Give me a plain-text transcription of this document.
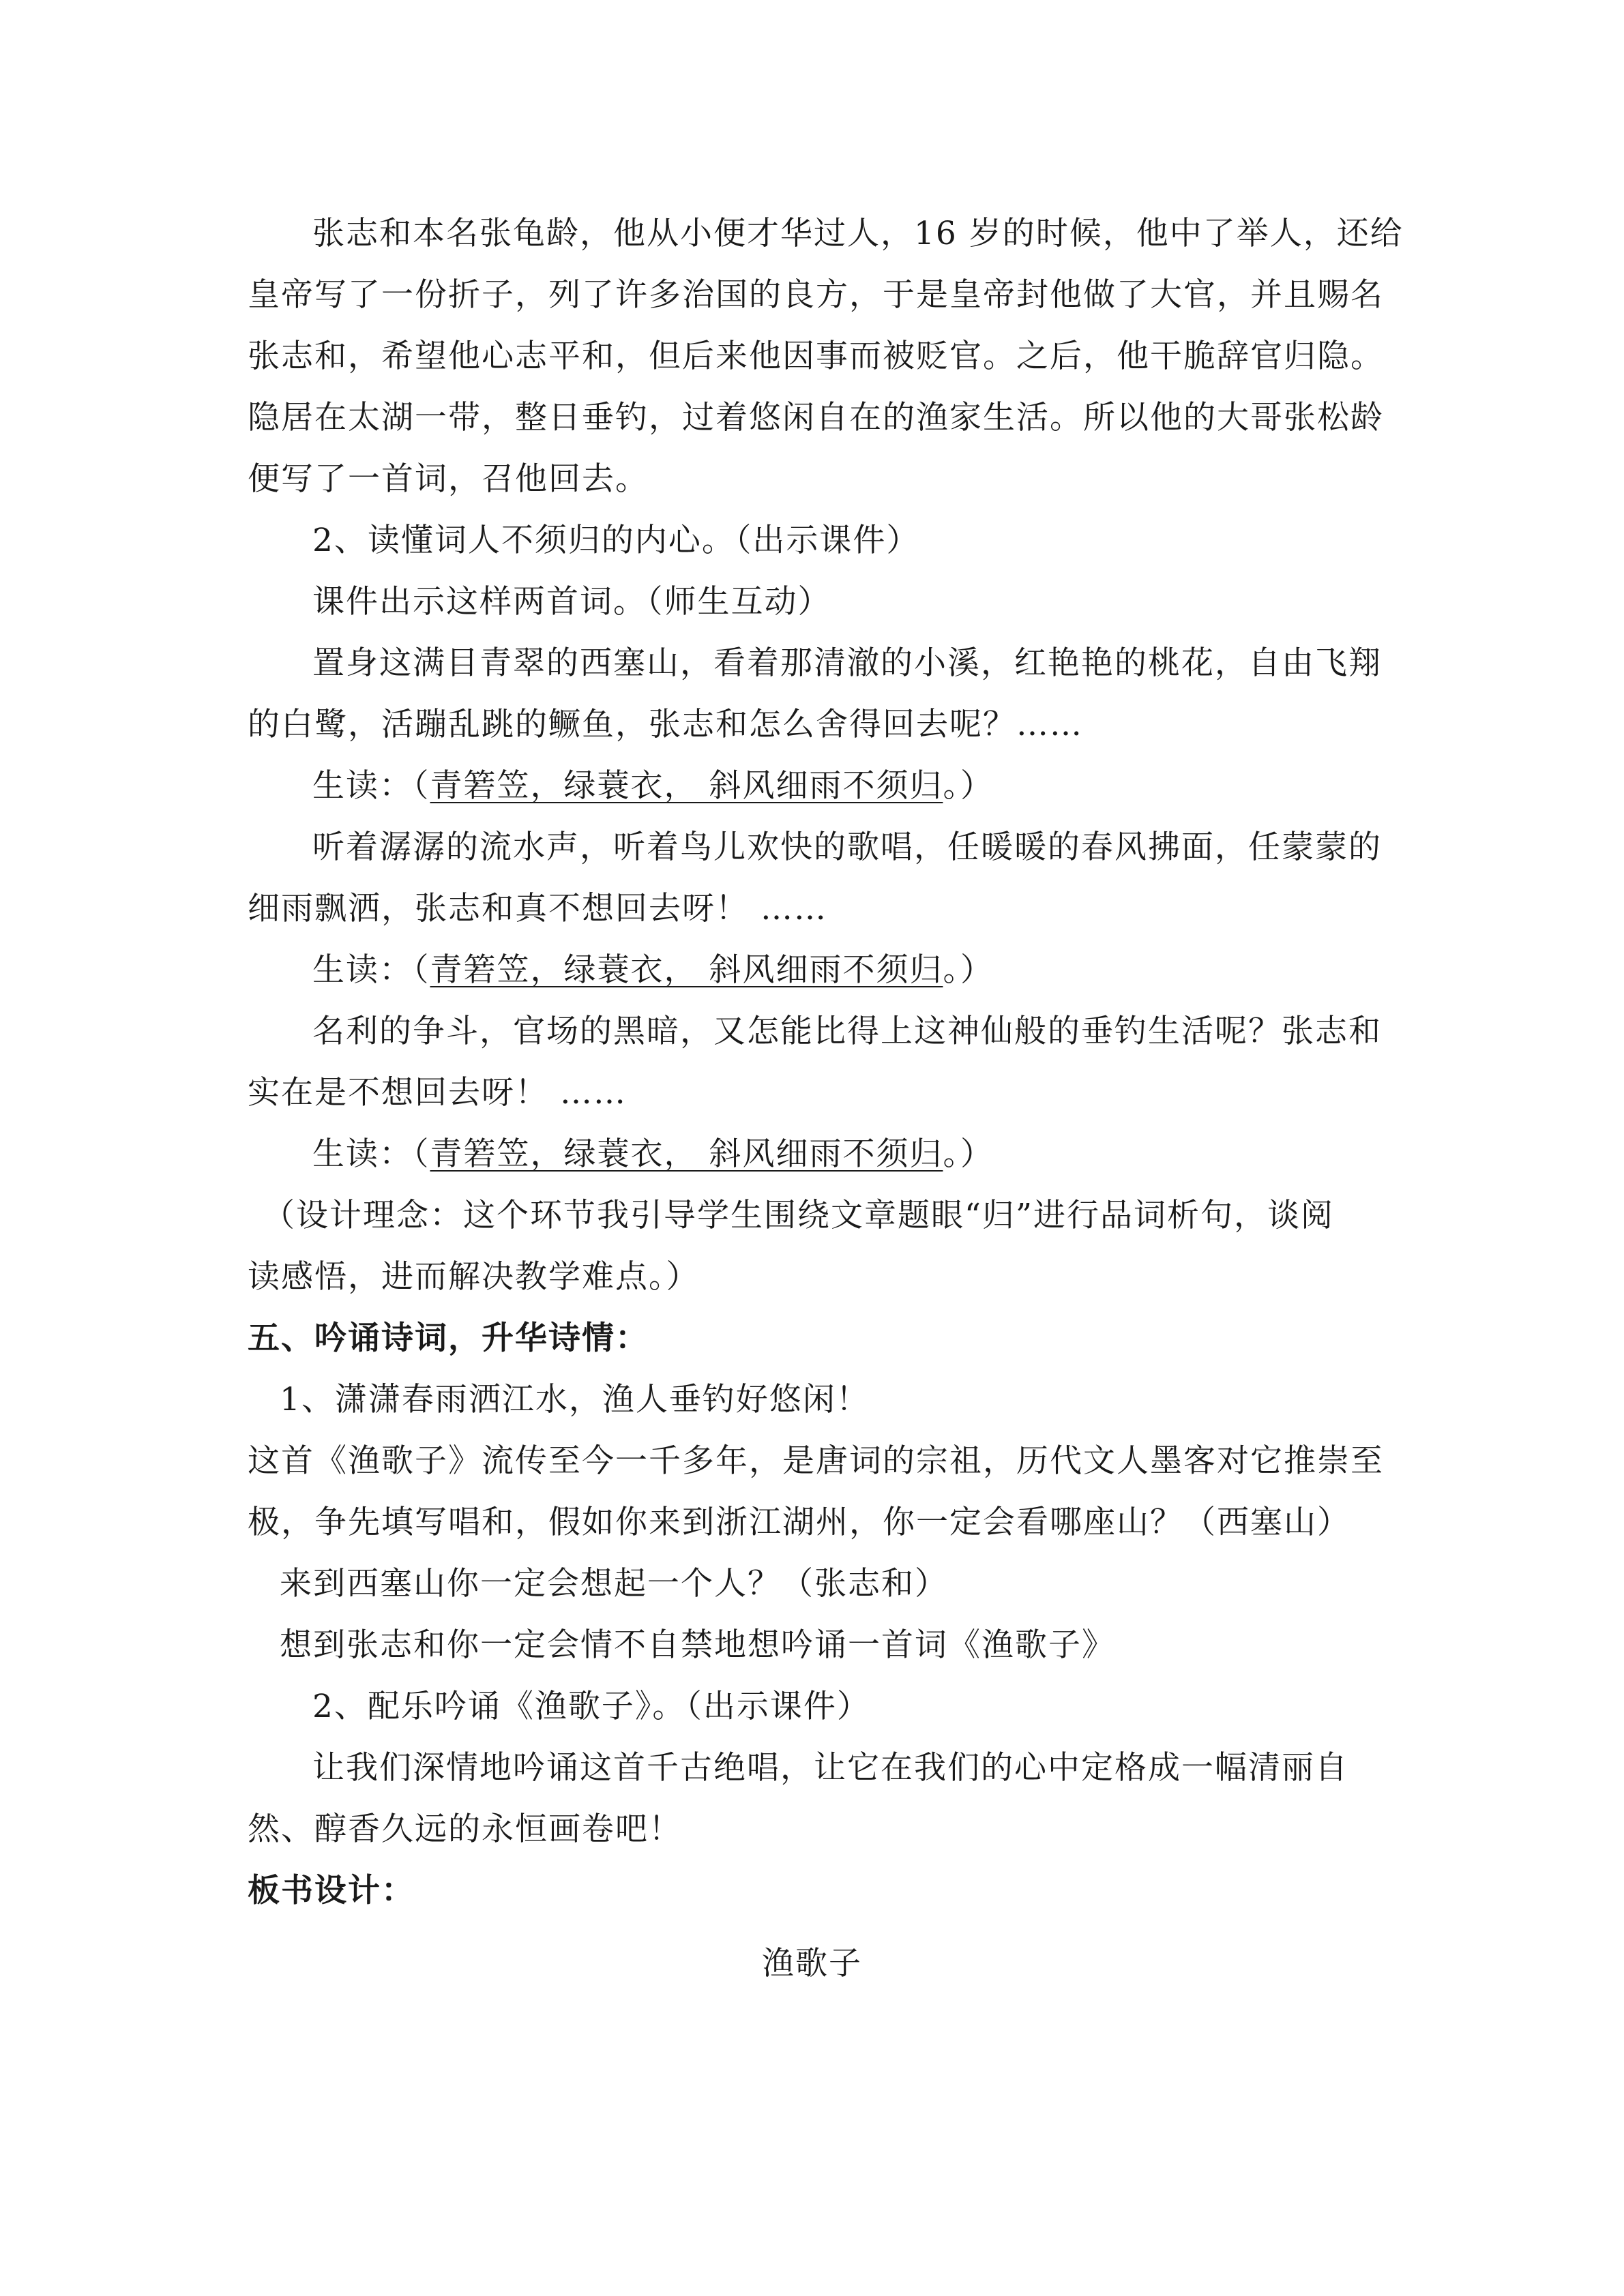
张志和本名张龟龄，他从小便才华过人，16 岁的时候，他中了举人，还给
皇帝写了一份折子，列了许多治国的良方，于是皇帝封他做了大官，并且赐名
张志和，希望他心志平和，但后来他因事而被贬官。之后，他干脆辞官归隐。
隐居在太湖一带，整日垂钓，过着悠闲自在的渔家生活。所以他的大哥张松龄
便写了一首词，召他回去。
2、读懂词人不须归的内心。（出示课件）
课件出示这样两首词。（师生互动）
置身这满目青翠的西塞山，看着那清澈的小溪，红艳艳的桃花，自由飞翔
的白鹭，活蹦乱跳的鳜鱼，张志和怎么舍得回去呢？……
生读：（青箬笠，绿蓑衣， 斜风细雨不须归。）
听着潺潺的流水声，听着鸟儿欢快的歌唱，任暖暖的春风拂面，任蒙蒙的
细雨飘洒，张志和真不想回去呀！ ……
生读：（青箬笠，绿蓑衣， 斜风细雨不须归。）
名利的争斗，官场的黑暗，又怎能比得上这神仙般的垂钓生活呢？张志和
实在是不想回去呀！ ……
生读：（青箬笠，绿蓑衣， 斜风细雨不须归。）
（设计理念：这个环节我引导学生围绕文章题眼“归”进行品词析句，谈阅
读感悟，进而解决教学难点。）
五、吟诵诗词，升华诗情：
1、潇潇春雨洒江水，渔人垂钓好悠闲！
这首《渔歌子》流传至今一千多年，是唐词的宗祖，历代文人墨客对它推崇至
极，争先填写唱和，假如你来到浙江湖州，你一定会看哪座山？（西塞山）
来到西塞山你一定会想起一个人？（张志和）
想到张志和你一定会情不自禁地想吟诵一首词《渔歌子》
2、配乐吟诵《渔歌子》。（出示课件）
让我们深情地吟诵这首千古绝唱，让它在我们的心中定格成一幅清丽自
然、醇香久远的永恒画卷吧！
板书设计：
渔歌子
